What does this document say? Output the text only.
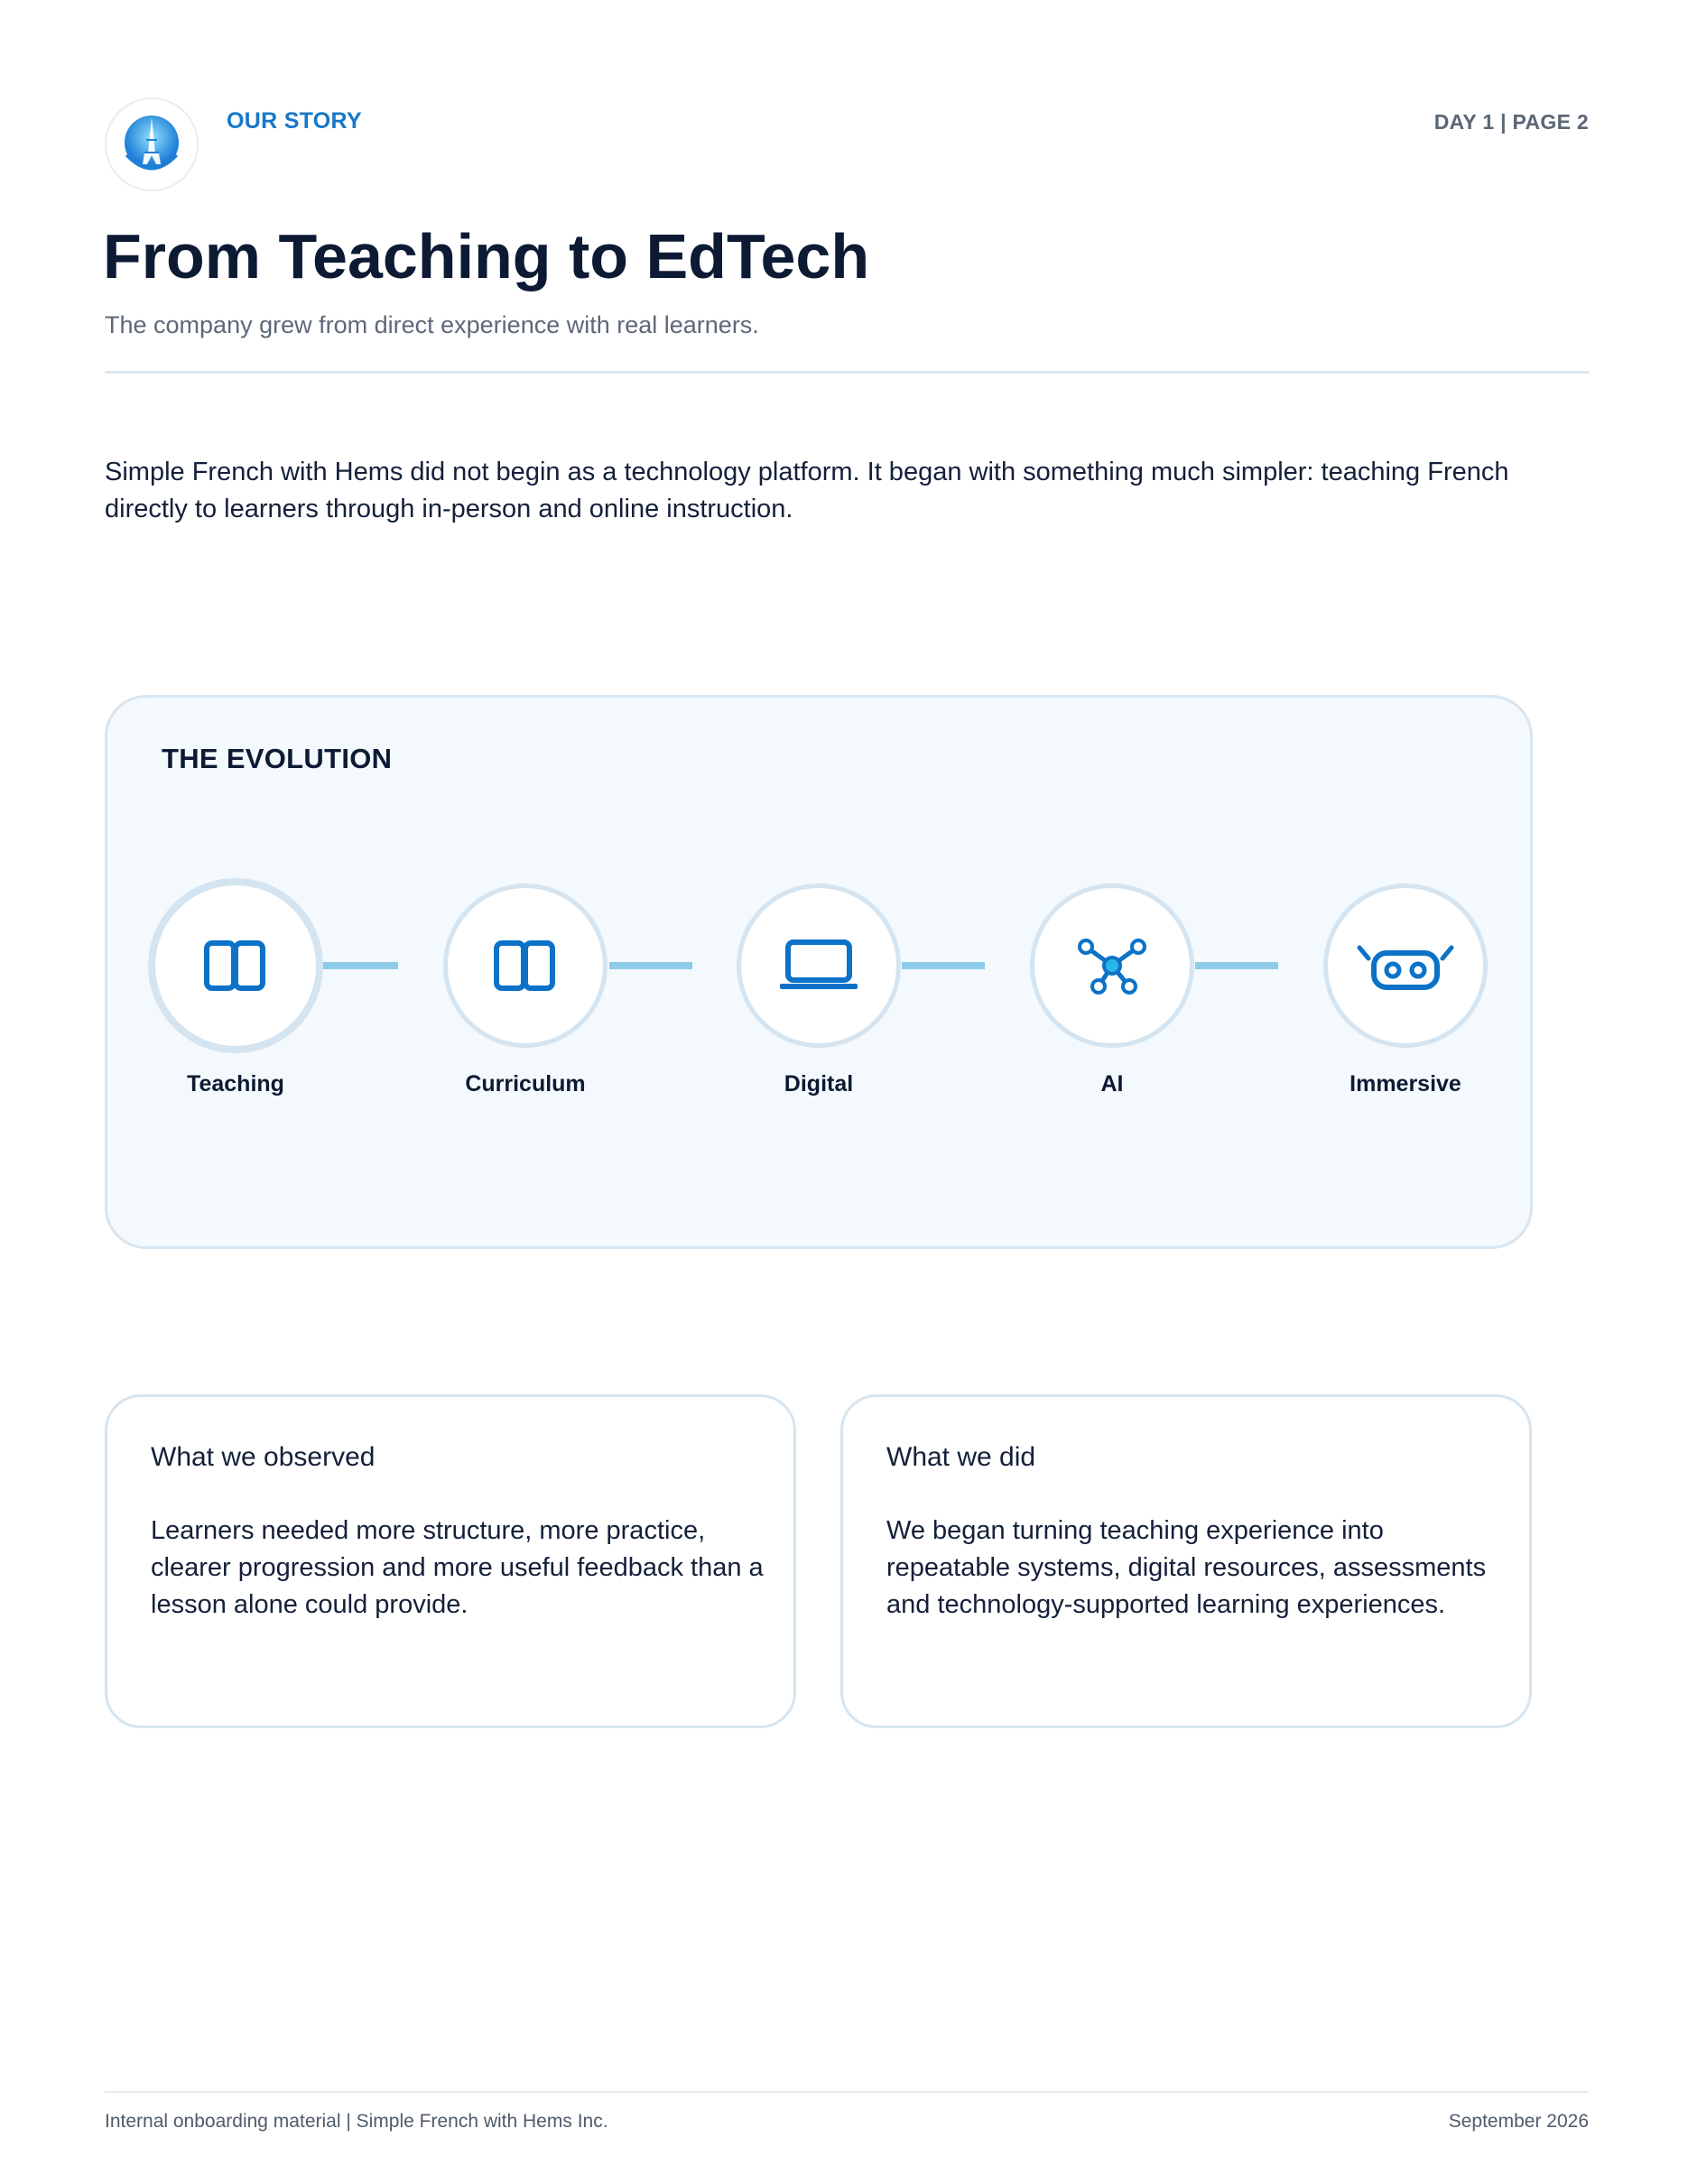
OUR STORY	DAY 1 | PAGE 2
From Teaching to EdTech
The company grew from direct experience with real learners.
Simple French with Hems did not begin as a technology platform. It began with something much simpler: teaching French directly to learners through in-person and online instruction.
THE EVOLUTION
Teaching	Curriculum	Digital	AI	Immersive
What we observed
Learners needed more structure, more practice, clearer progression and more useful feedback than a lesson alone could provide.
What we did
We began turning teaching experience into repeatable systems, digital resources, assessments and technology-supported learning experiences.
Internal onboarding material | Simple French with Hems Inc.	September 2026
